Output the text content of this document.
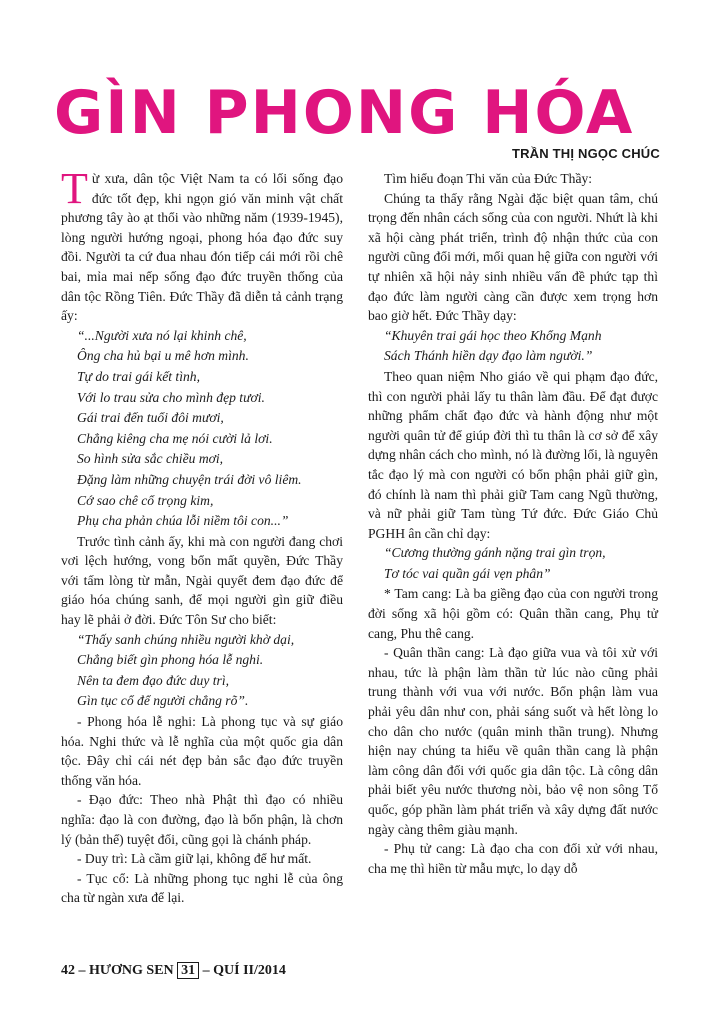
GÌN PHONG HÓA
TRẦN THỊ NGỌC CHÚC

Từ xưa, dân tộc Việt Nam ta có lối sống đạo đức tốt đẹp, khi ngọn gió văn minh vật chất phương tây ào ạt thổi vào những năm (1939-1945), lòng người hướng ngoại, phong hóa đạo đức suy đồi. Người ta cứ đua nhau đón tiếp cái mới rồi chê bai, mỉa mai nếp sống đạo đức truyền thống của dân tộc Rồng Tiên. Đức Thầy đã diễn tả cảnh trạng ấy:

“...Người xưa nó lại khinh chê,

Ông cha hủ bại u mê hơn mình.

Tự do trai gái kết tình,

Với lo trau sửa cho mình đẹp tươi.

Gái trai đến tuổi đôi mươi,

Chẳng kiêng cha mẹ nói cười lả lơi.

So hình sửa sắc chiều mơi,

Đặng làm những chuyện trái đời vô liêm.

Cớ sao chê cổ trọng kim,

Phụ cha phản chúa lỗi niềm tôi con...”

Trước tình cảnh ấy, khi mà con người đang chơi vơi lệch hướng, vong bổn mất quyền, Đức Thầy với tấm lòng từ mẫn, Ngài quyết đem đạo đức để giáo hóa chúng sanh, để mọi người gìn giữ điều hay lẽ phải ở đời. Đức Tôn Sư cho biết:

“Thấy sanh chúng nhiều người khờ dại,

Chẳng biết gìn phong hóa lễ nghi.

Nên ta đem đạo đức duy trì,

Gìn tục cổ để người chẳng rõ”.

- Phong hóa lễ nghi: Là phong tục và sự giáo hóa. Nghi thức và lễ nghĩa của một quốc gia dân tộc. Đây chỉ cái nét đẹp bản sắc đạo đức truyền thống văn hóa.

- Đạo đức: Theo nhà Phật thì đạo có nhiều nghĩa: đạo là con đường, đạo là bổn phận, là chơn lý (bản thể) tuyệt đối, cũng gọi là chánh pháp.

- Duy trì: Là cầm giữ lại, không để hư mất.

- Tục cổ: Là những phong tục nghi lễ của ông cha từ ngàn xưa để lại.

Tìm hiểu đoạn Thi văn của Đức Thầy:

Chúng ta thấy rằng Ngài đặc biệt quan tâm, chú trọng đến nhân cách sống của con người. Nhứt là khi xã hội càng phát triển, trình độ nhận thức của con người cũng đổi mới, mối quan hệ giữa con người với tự nhiên xã hội nảy sinh nhiều vấn đề phức tạp thì đạo đức làm người càng cần được xem trọng hơn bao giờ hết. Đức Thầy dạy:

“Khuyên trai gái học theo Khổng Mạnh

Sách Thánh hiền dạy đạo làm người.”

Theo quan niệm Nho giáo về qui phạm đạo đức, thì con người phải lấy tu thân làm đầu. Để đạt được những phẩm chất đạo đức và hành động như một người quân tử để giúp đời thì tu thân là cơ sở để xây dựng nhân cách cho mình, nó là đường lối, là nguyên tắc đạo lý mà con người có bổn phận phải giữ gìn, đó chính là nam thì phải giữ Tam cang Ngũ thường, và nữ phải giữ Tam tùng Tứ đức. Đức Giáo Chủ PGHH ân cần chỉ dạy:

“Cương thường gánh nặng trai gìn trọn,

Tơ tóc vai quần gái vẹn phân”

* Tam cang: Là ba giềng đạo của con người trong đời sống xã hội gồm có: Quân thần cang, Phụ tử cang, Phu thê cang.

- Quân thần cang: Là đạo giữa vua và tôi xử với nhau, tức là phận làm thần tử lúc nào cũng phải trung thành với vua với nước. Bổn phận làm vua phải yêu dân như con, phải sáng suốt và hết lòng lo cho dân cho nước (quân minh thần trung). Nhưng hiện nay chúng ta hiểu về quân thần cang là phận làm công dân đối với quốc gia dân tộc. Là công dân phải biết yêu nước thương nòi, bảo vệ non sông Tổ quốc, góp phần làm phát triển và xây dựng đất nước ngày càng thêm giàu mạnh.

- Phụ tử cang: Là đạo cha con đối xử với nhau, cha mẹ thì hiền từ mẫu mực, lo dạy dỗ

42 – HƯƠNG SEN 31 – QUÍ II/2014
